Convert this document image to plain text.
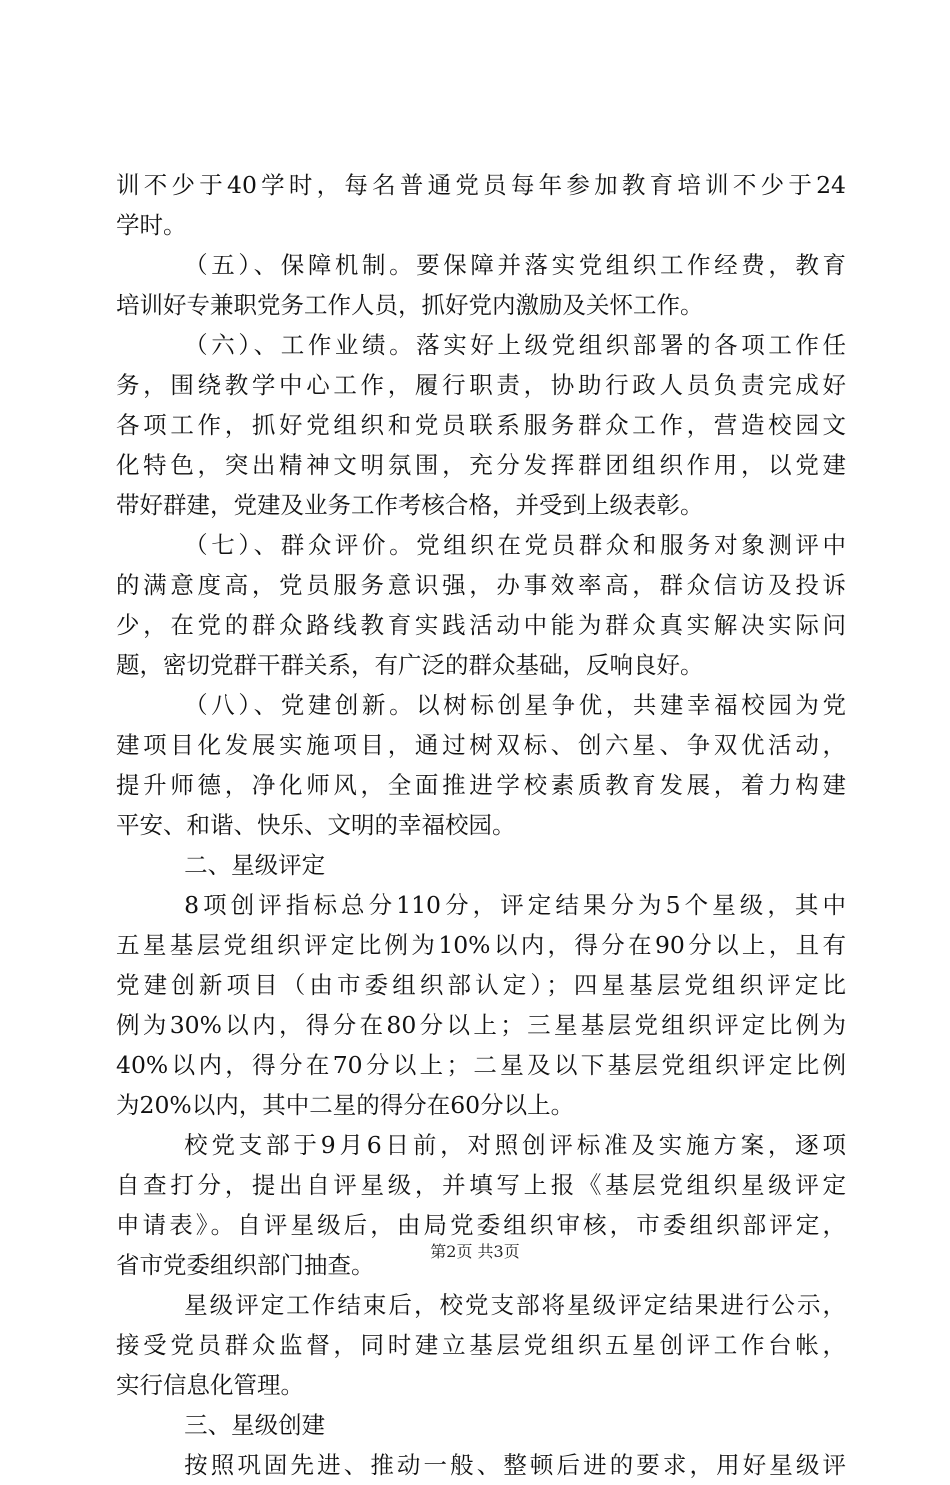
训不少于40学时，每名普通党员每年参加教育培训不少于24
学时。
（五）、保障机制。要保障并落实党组织工作经费，教育
培训好专兼职党务工作人员，抓好党内激励及关怀工作。
（六）、工作业绩。落实好上级党组织部署的各项工作任
务，围绕教学中心工作，履行职责，协助行政人员负责完成好
各项工作，抓好党组织和党员联系服务群众工作，营造校园文
化特色，突出精神文明氛围，充分发挥群团组织作用，以党建
带好群建，党建及业务工作考核合格，并受到上级表彰。
（七）、群众评价。党组织在党员群众和服务对象测评中
的满意度高，党员服务意识强，办事效率高，群众信访及投诉
少，在党的群众路线教育实践活动中能为群众真实解决实际问
题，密切党群干群关系，有广泛的群众基础，反响良好。
（八）、党建创新。以树标创星争优，共建幸福校园为党
建项目化发展实施项目，通过树双标、创六星、争双优活动，
提升师德，净化师风，全面推进学校素质教育发展，着力构建
平安、和谐、快乐、文明的幸福校园。
二、星级评定
8项创评指标总分110分，评定结果分为5个星级，其中
五星基层党组织评定比例为10%以内，得分在90分以上，且有
党建创新项目（由市委组织部认定）；四星基层党组织评定比
例为30%以内，得分在80分以上；三星基层党组织评定比例为
40%以内，得分在70分以上；二星及以下基层党组织评定比例
为20%以内，其中二星的得分在60分以上。
校党支部于9月6日前，对照创评标准及实施方案，逐项
自查打分，提出自评星级，并填写上报《基层党组织星级评定
申请表》。自评星级后，由局党委组织审核，市委组织部评定，
省市党委组织部门抽查。
星级评定工作结束后，校党支部将星级评定结果进行公示，
接受党员群众监督，同时建立基层党组织五星创评工作台帐，
实行信息化管理。
三、星级创建
按照巩固先进、推动一般、整顿后进的要求，用好星级评
第2页 共3页
